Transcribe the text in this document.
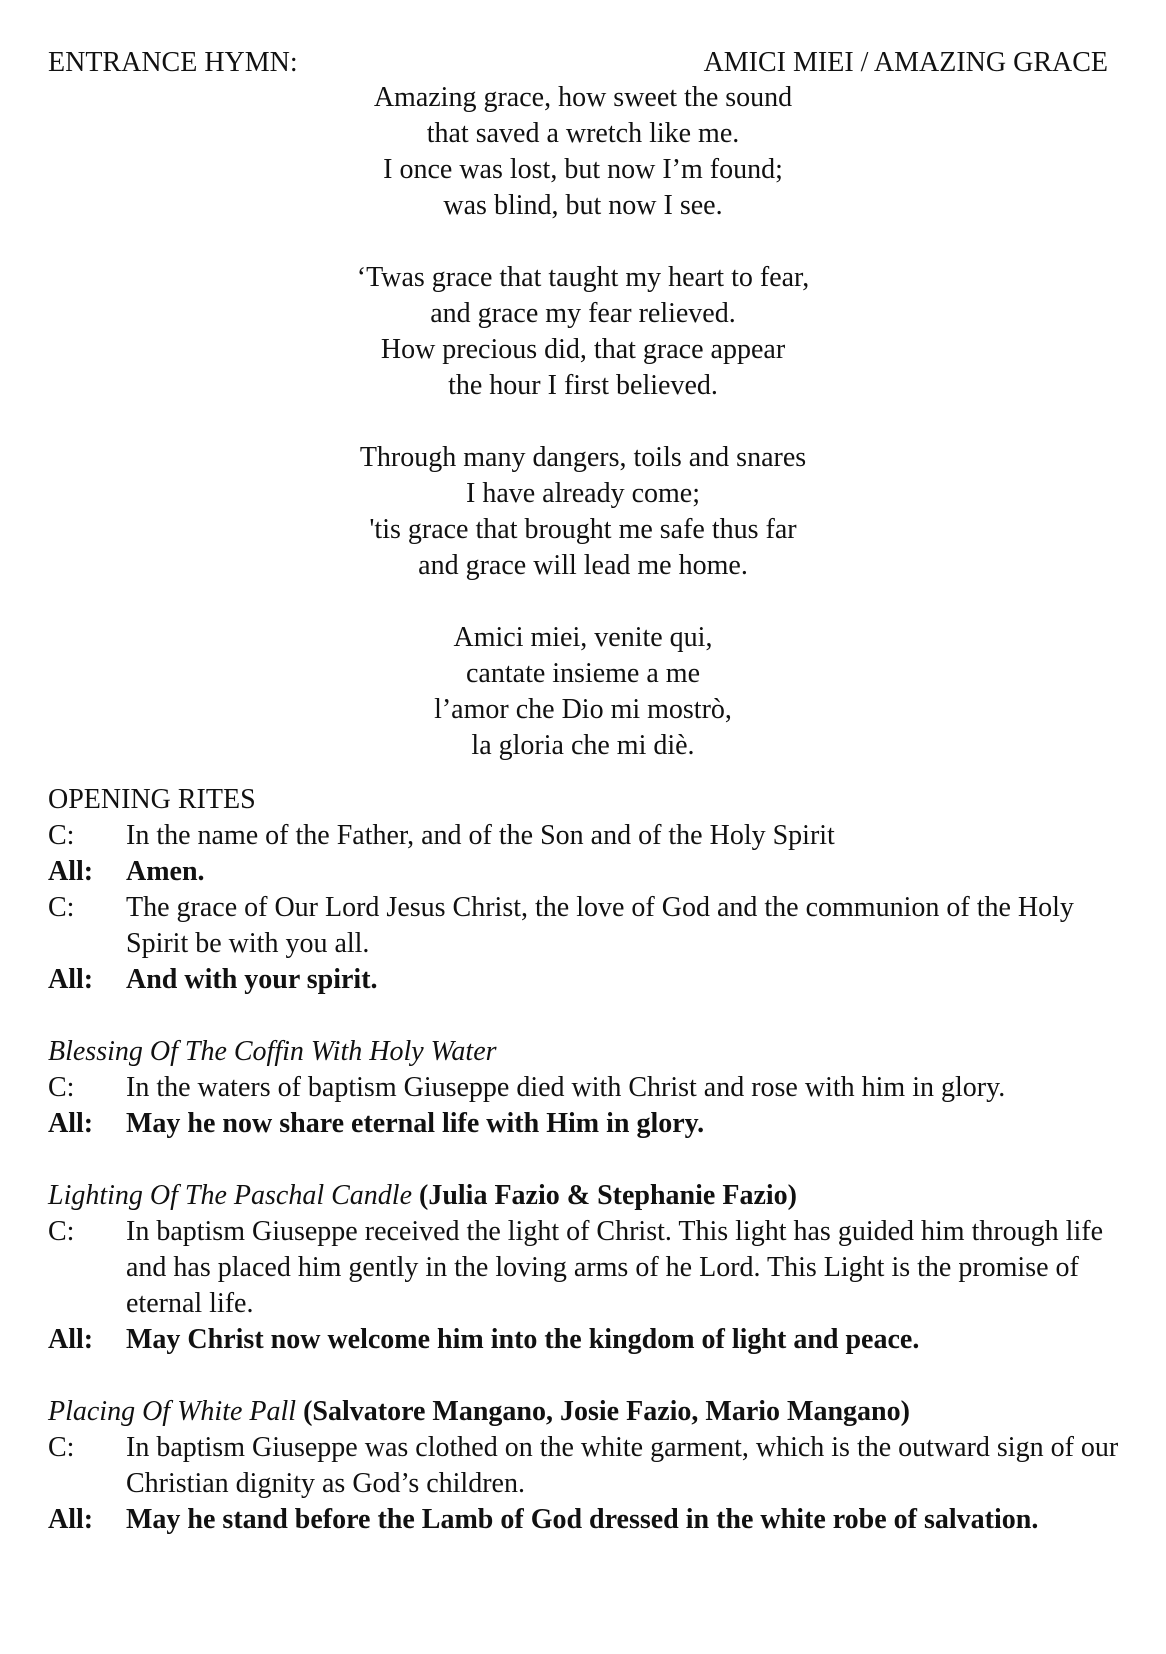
ENTRANCE HYMN:	AMICI MIEI / AMAZING GRACE
Amazing grace, how sweet the sound
that saved a wretch like me.
I once was lost, but now I’m found;
was blind, but now I see.
‘Twas grace that taught my heart to fear,
and grace my fear relieved.
How precious did, that grace appear
the hour I first believed.
Through many dangers, toils and snares
I have already come;
'tis grace that brought me safe thus far
and grace will lead me home.
Amici miei, venite qui,
cantate insieme a me
l’amor che Dio mi mostrò,
la gloria che mi diè.
OPENING RITES
C:	In the name of the Father, and of the Son and of the Holy Spirit
All:	Amen.
C:	The grace of Our Lord Jesus Christ, the love of God and the communion of the Holy Spirit be with you all.
All:	And with your spirit.
Blessing Of The Coffin With Holy Water
C:	In the waters of baptism Giuseppe died with Christ and rose with him in glory.
All:	May he now share eternal life with Him in glory.
Lighting Of The Paschal Candle (Julia Fazio & Stephanie Fazio)
C:	In baptism Giuseppe received the light of Christ. This light has guided him through life and has placed him gently in the loving arms of he Lord. This Light is the promise of eternal life.
All:	May Christ now welcome him into the kingdom of light and peace.
Placing Of White Pall (Salvatore Mangano, Josie Fazio, Mario Mangano)
C:	In baptism Giuseppe was clothed on the white garment, which is the outward sign of our Christian dignity as God’s children.
All:	May he stand before the Lamb of God dressed in the white robe of salvation.
